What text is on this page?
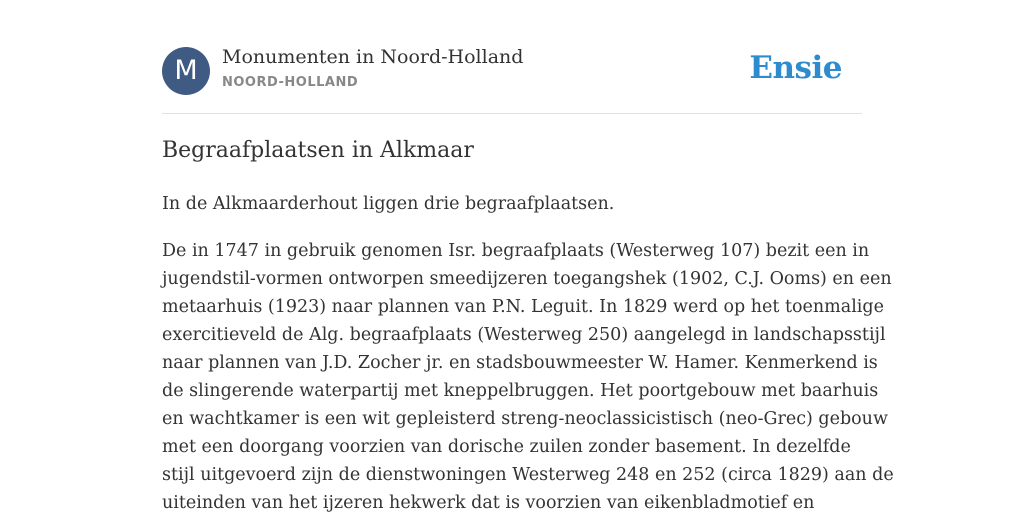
M	Monumenten in Noord-Holland
NOORD-HOLLAND	Ensie
Begraafplaatsen in Alkmaar

In de Alkmaarderhout liggen drie begraafplaatsen.

De in 1747 in gebruik genomen Isr. begraafplaats (Westerweg 107) bezit een in
jugendstil-vormen ontworpen smeedijzeren toegangshek (1902, C.J. Ooms) en een
metaarhuis (1923) naar plannen van P.N. Leguit. In 1829 werd op het toenmalige
exercitieveld de Alg. begraafplaats (Westerweg 250) aangelegd in landschapsstijl
naar plannen van J.D. Zocher jr. en stadsbouwmeester W. Hamer. Kenmerkend is
de slingerende waterpartij met kneppelbruggen. Het poortgebouw met baarhuis
en wachtkamer is een wit gepleisterd streng-neoclassicistisch (neo-Grec) gebouw
met een doorgang voorzien van dorische zuilen zonder basement. In dezelfde
stijl uitgevoerd zijn de dienstwoningen Westerweg 248 en 252 (circa 1829) aan de
uiteinden van het ijzeren hekwerk dat is voorzien van eikenbladmotief en
